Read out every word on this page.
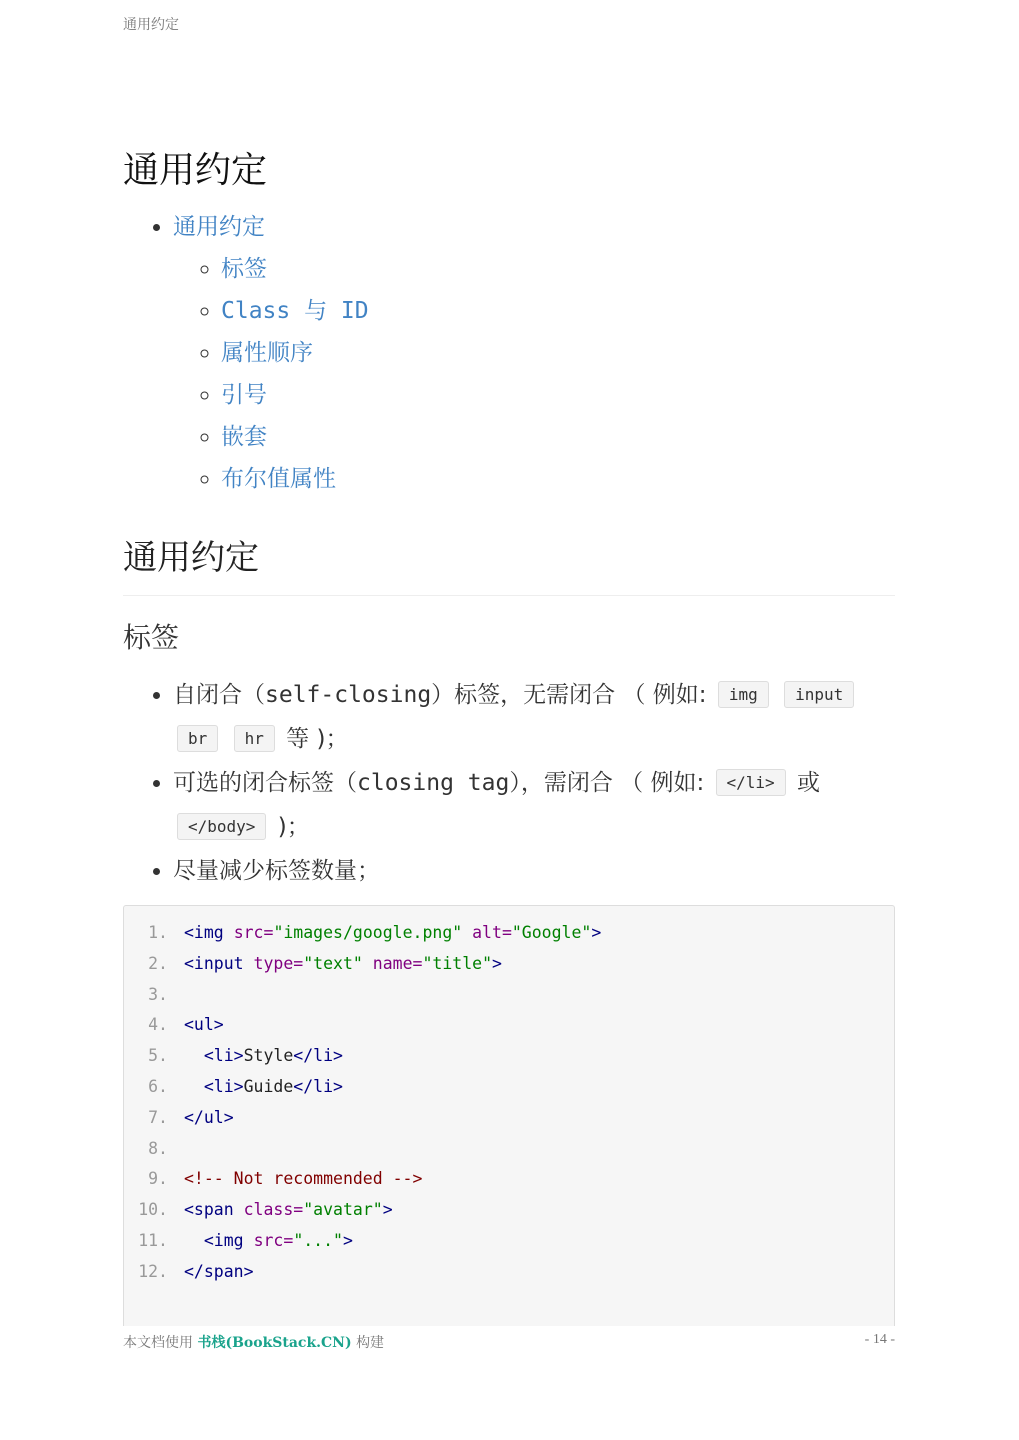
通用约定
通用约定
• 通用约定
◦ 标签
◦ Class 与 ID
◦ 属性顺序
◦ 引号
◦ 嵌套
◦ 布尔值属性
通用约定
标签
• 自闭合（self-closing）标签，无需闭合 （ 例如: img input br hr 等 )；
• 可选的闭合标签（closing tag），需闭合 （ 例如: </li> 或 </body> )；
• 尽量减少标签数量；
1. <img src="images/google.png" alt="Google">
2. <input type="text" name="title">
3.
4. <ul>
5. <li>Style</li>
6. <li>Guide</li>
7. </ul>
8.
9. <!-- Not recommended -->
10. <span class="avatar">
11. <img src="...">
12. </span>
本文档使用 书栈(BookStack.CN) 构建	- 14 -
